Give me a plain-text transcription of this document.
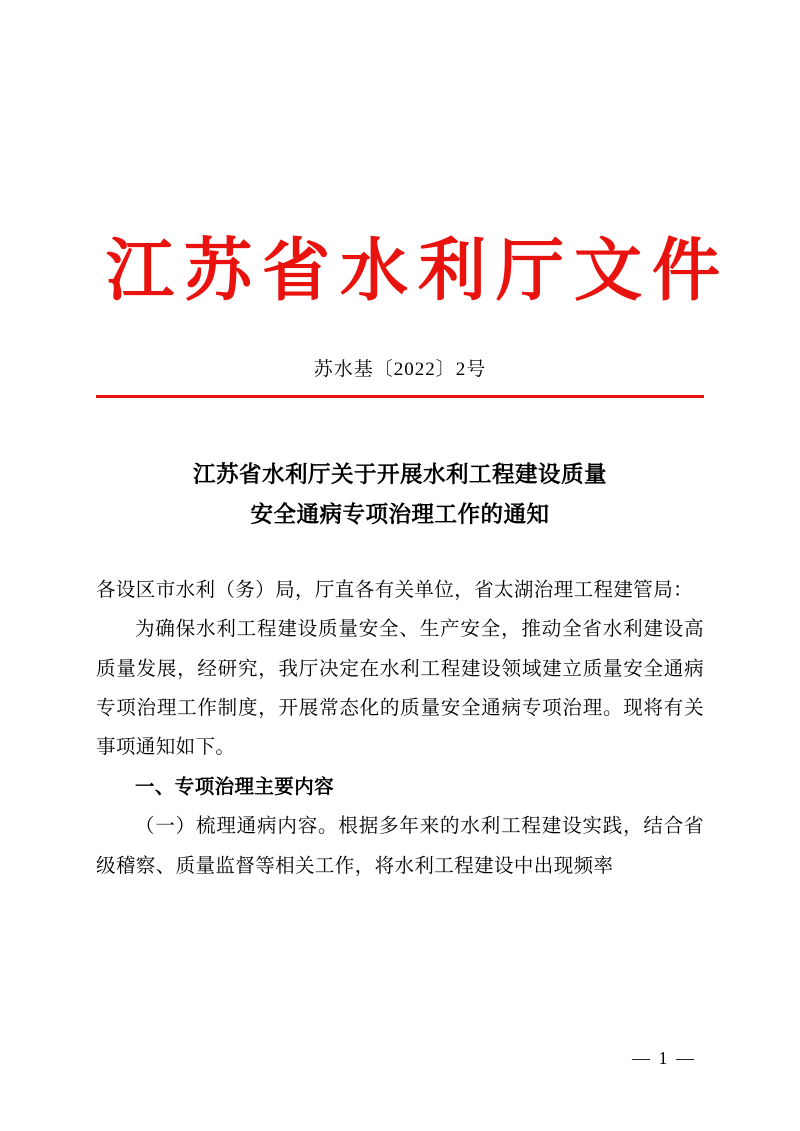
江苏省水利厅文件
苏水基〔2022〕2号
江苏省水利厅关于开展水利工程建设质量
安全通病专项治理工作的通知

各设区市水利（务）局，厅直各有关单位，省太湖治理工程建管局：

为确保水利工程建设质量安全、生产安全，推动全省水利建设高质量发展，经研究，我厅决定在水利工程建设领域建立质量安全通病专项治理工作制度，开展常态化的质量安全通病专项治理。现将有关事项通知如下。

一、专项治理主要内容

（一）梳理通病内容。根据多年来的水利工程建设实践，结合省级稽察、质量监督等相关工作，将水利工程建设中出现频率

— 1 —
